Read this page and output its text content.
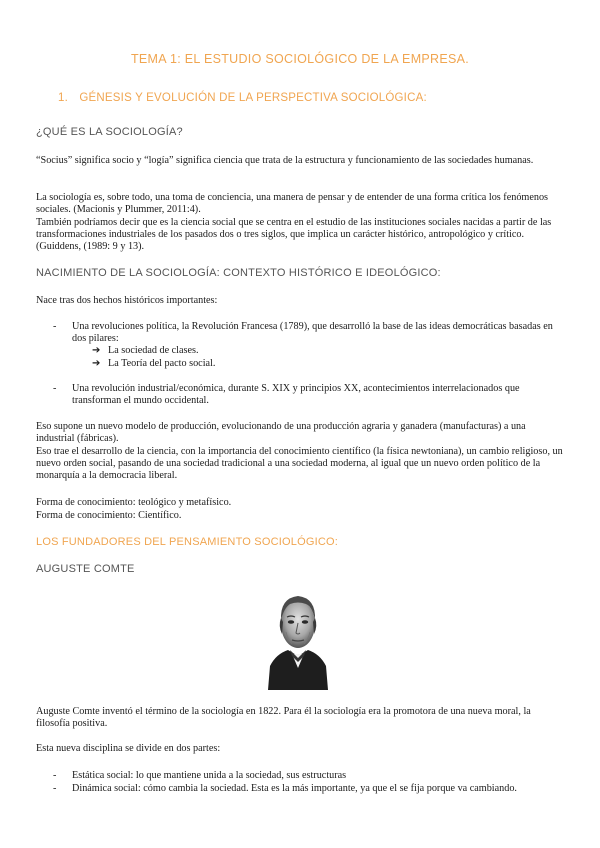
TEMA 1: EL ESTUDIO SOCIOLÓGICO DE LA EMPRESA.
1. GÉNESIS Y EVOLUCIÓN DE LA PERSPECTIVA SOCIOLÓGICA:
¿QUÉ ES LA SOCIOLOGÍA?
“Socius” significa socio y “logía” significa ciencia que trata de la estructura y funcionamiento de las sociedades humanas.
La sociología es, sobre todo, una toma de conciencia, una manera de pensar y de entender de una forma crítica los fenómenos sociales. (Macionis y Plummer, 2011:4).
También podríamos decir que es la ciencia social que se centra en el estudio de las instituciones sociales nacidas a partir de las transformaciones industriales de los pasados dos o tres siglos, que implica un carácter histórico, antropológico y crítico. (Guiddens, (1989: 9 y 13).
NACIMIENTO DE LA SOCIOLOGÍA: CONTEXTO HISTÓRICO E IDEOLÓGICO:
Nace tras dos hechos históricos importantes:
- Una revoluciones política, la Revolución Francesa (1789), que desarrolló la base de las ideas democráticas basadas en dos pilares:
➔ La sociedad de clases.
➔ La Teoría del pacto social.
- Una revolución industrial/económica, durante S. XIX y principios XX, acontecimientos interrelacionados que transforman el mundo occidental.
Eso supone un nuevo modelo de producción, evolucionando de una producción agraria y ganadera (manufacturas) a una industrial (fábricas).
Eso trae el desarrollo de la ciencia, con la importancia del conocimiento científico (la física newtoniana), un cambio religioso, un nuevo orden social, pasando de una sociedad tradicional a una sociedad moderna, al igual que un nuevo orden político de la monarquía a la democracia liberal.
Forma de conocimiento: teológico y metafísico.
Forma de conocimiento: Científico.
LOS FUNDADORES DEL PENSAMIENTO SOCIOLÓGICO:
AUGUSTE COMTE
Auguste Comte inventó el término de la sociología en 1822. Para él la sociología era la promotora de una nueva moral, la filosofía positiva.
Esta nueva disciplina se divide en dos partes:
- Estática social: lo que mantiene unida a la sociedad, sus estructuras
- Dinámica social: cómo cambia la sociedad. Esta es la más importante, ya que el se fija porque va cambiando.
